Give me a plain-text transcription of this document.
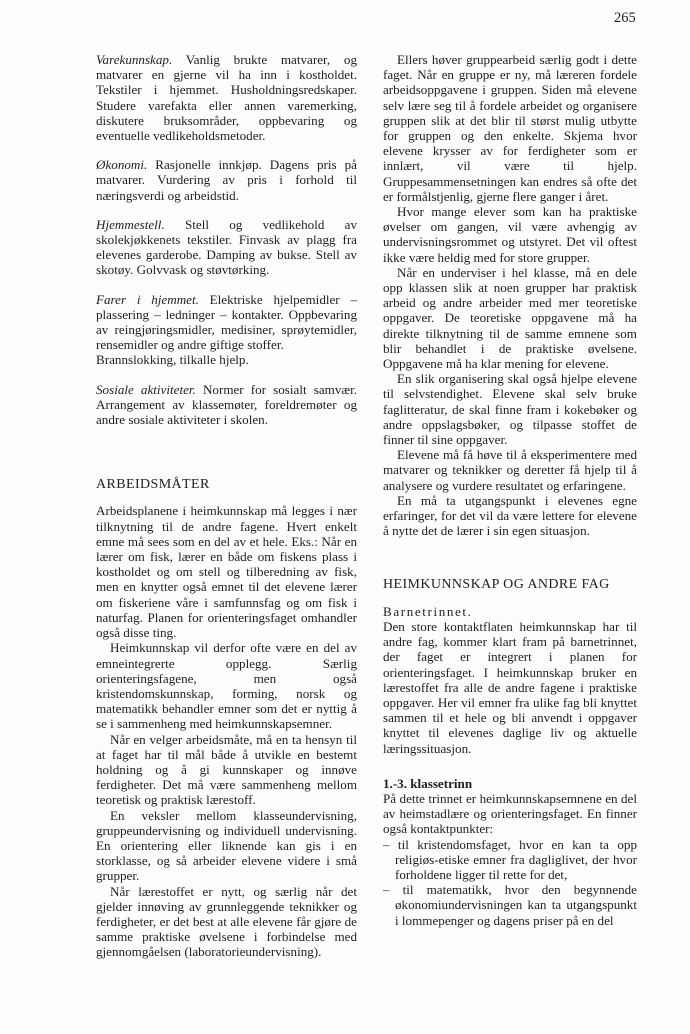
265

Varekunnskap. Vanlig brukte matvarer, og matvarer en gjerne vil ha inn i kostholdet. Tekstiler i hjemmet. Husholdningsredskaper. Studere varefakta eller annen varemerking, diskutere bruksområder, oppbevaring og eventuelle vedlikeholdsmetoder.

Økonomi. Rasjonelle innkjøp. Dagens pris på matvarer. Vurdering av pris i forhold til næringsverdi og arbeidstid.

Hjemmestell. Stell og vedlikehold av skolekjøkkenets tekstiler. Finvask av plagg fra elevenes garderobe. Damping av bukse. Stell av skotøy. Golvvask og støvtørking.

Farer i hjemmet. Elektriske hjelpemidler – plassering – ledninger – kontakter. Oppbevaring av reingjøringsmidler, medisiner, sprøytemidler, rensemidler og andre giftige stoffer.

Brannslokking, tilkalle hjelp.

Sosiale aktiviteter. Normer for sosialt samvær. Arrangement av klassemøter, foreldremøter og andre sosiale aktiviteter i skolen.

ARBEIDSMÅTER

Arbeidsplanene i heimkunnskap må legges i nær tilknytning til de andre fagene. Hvert enkelt emne må sees som en del av et hele. Eks.: Når en lærer om fisk, lærer en både om fiskens plass i kostholdet og om stell og tilberedning av fisk, men en knytter også emnet til det elevene lærer om fiskeriene våre i samfunnsfag og om fisk i naturfag. Planen for orienteringsfaget omhandler også disse ting.

Heimkunnskap vil derfor ofte være en del av emneintegrerte opplegg. Særlig orienteringsfagene, men også kristendomskunnskap, forming, norsk og matematikk behandler emner som det er nyttig å se i sammenheng med heimkunnskapsemner.

Når en velger arbeidsmåte, må en ta hensyn til at faget har til mål både å utvikle en bestemt holdning og å gi kunnskaper og innøve ferdigheter. Det må være sammenheng mellom teoretisk og praktisk lærestoff.

En veksler mellom klasseundervisning, gruppeundervisning og individuell undervisning. En orientering eller liknende kan gis i en storklasse, og så arbeider elevene videre i små grupper.

Når lærestoffet er nytt, og særlig når det gjelder innøving av grunnleggende teknikker og ferdigheter, er det best at alle elevene får gjøre de samme praktiske øvelsene i forbindelse med gjennomgåelsen (laboratorieundervisning).

Ellers høver gruppearbeid særlig godt i dette faget. Når en gruppe er ny, må læreren fordele arbeidsoppgavene i gruppen. Siden må elevene selv lære seg til å fordele arbeidet og organisere gruppen slik at det blir til størst mulig utbytte for gruppen og den enkelte. Skjema hvor elevene krysser av for ferdigheter som er innlært, vil være til hjelp. Gruppesammensetningen kan endres så ofte det er formålstjenlig, gjerne flere ganger i året.

Hvor mange elever som kan ha praktiske øvelser om gangen, vil være avhengig av undervisningsrommet og utstyret. Det vil oftest ikke være heldig med for store grupper.

Når en underviser i hel klasse, må en dele opp klassen slik at noen grupper har praktisk arbeid og andre arbeider med mer teoretiske oppgaver. De teoretiske oppgavene må ha direkte tilknytning til de samme emnene som blir behandlet i de praktiske øvelsene. Oppgavene må ha klar mening for elevene.

En slik organisering skal også hjelpe elevene til selvstendighet. Elevene skal selv bruke faglitteratur, de skal finne fram i kokebøker og andre oppslagsbøker, og tilpasse stoffet de finner til sine oppgaver.

Elevene må få høve til å eksperimentere med matvarer og teknikker og deretter få hjelp til å analysere og vurdere resultatet og erfaringene.

En må ta utgangspunkt i elevenes egne erfaringer, for det vil da være lettere for elevene å nytte det de lærer i sin egen situasjon.

HEIMKUNNSKAP OG ANDRE FAG

Barnetrinnet.

Den store kontaktflaten heimkunnskap har til andre fag, kommer klart fram på barnetrinnet, der faget er integrert i planen for orienteringsfaget. I heimkunnskap bruker en lærestoffet fra alle de andre fagene i praktiske oppgaver. Her vil emner fra ulike fag bli knyttet sammen til et hele og bli anvendt i oppgaver knyttet til elevenes daglige liv og aktuelle læringssituasjon.

1.-3. klassetrinn

På dette trinnet er heimkunnskapsemnene en del av heimstadlære og orienteringsfaget. En finner også kontaktpunkter:

– til kristendomsfaget, hvor en kan ta opp religiøs-etiske emner fra dagliglivet, der hvor forholdene ligger til rette for det,

– til matematikk, hvor den begynnende økonomiundervisningen kan ta utgangspunkt i lommepenger og dagens priser på en del
